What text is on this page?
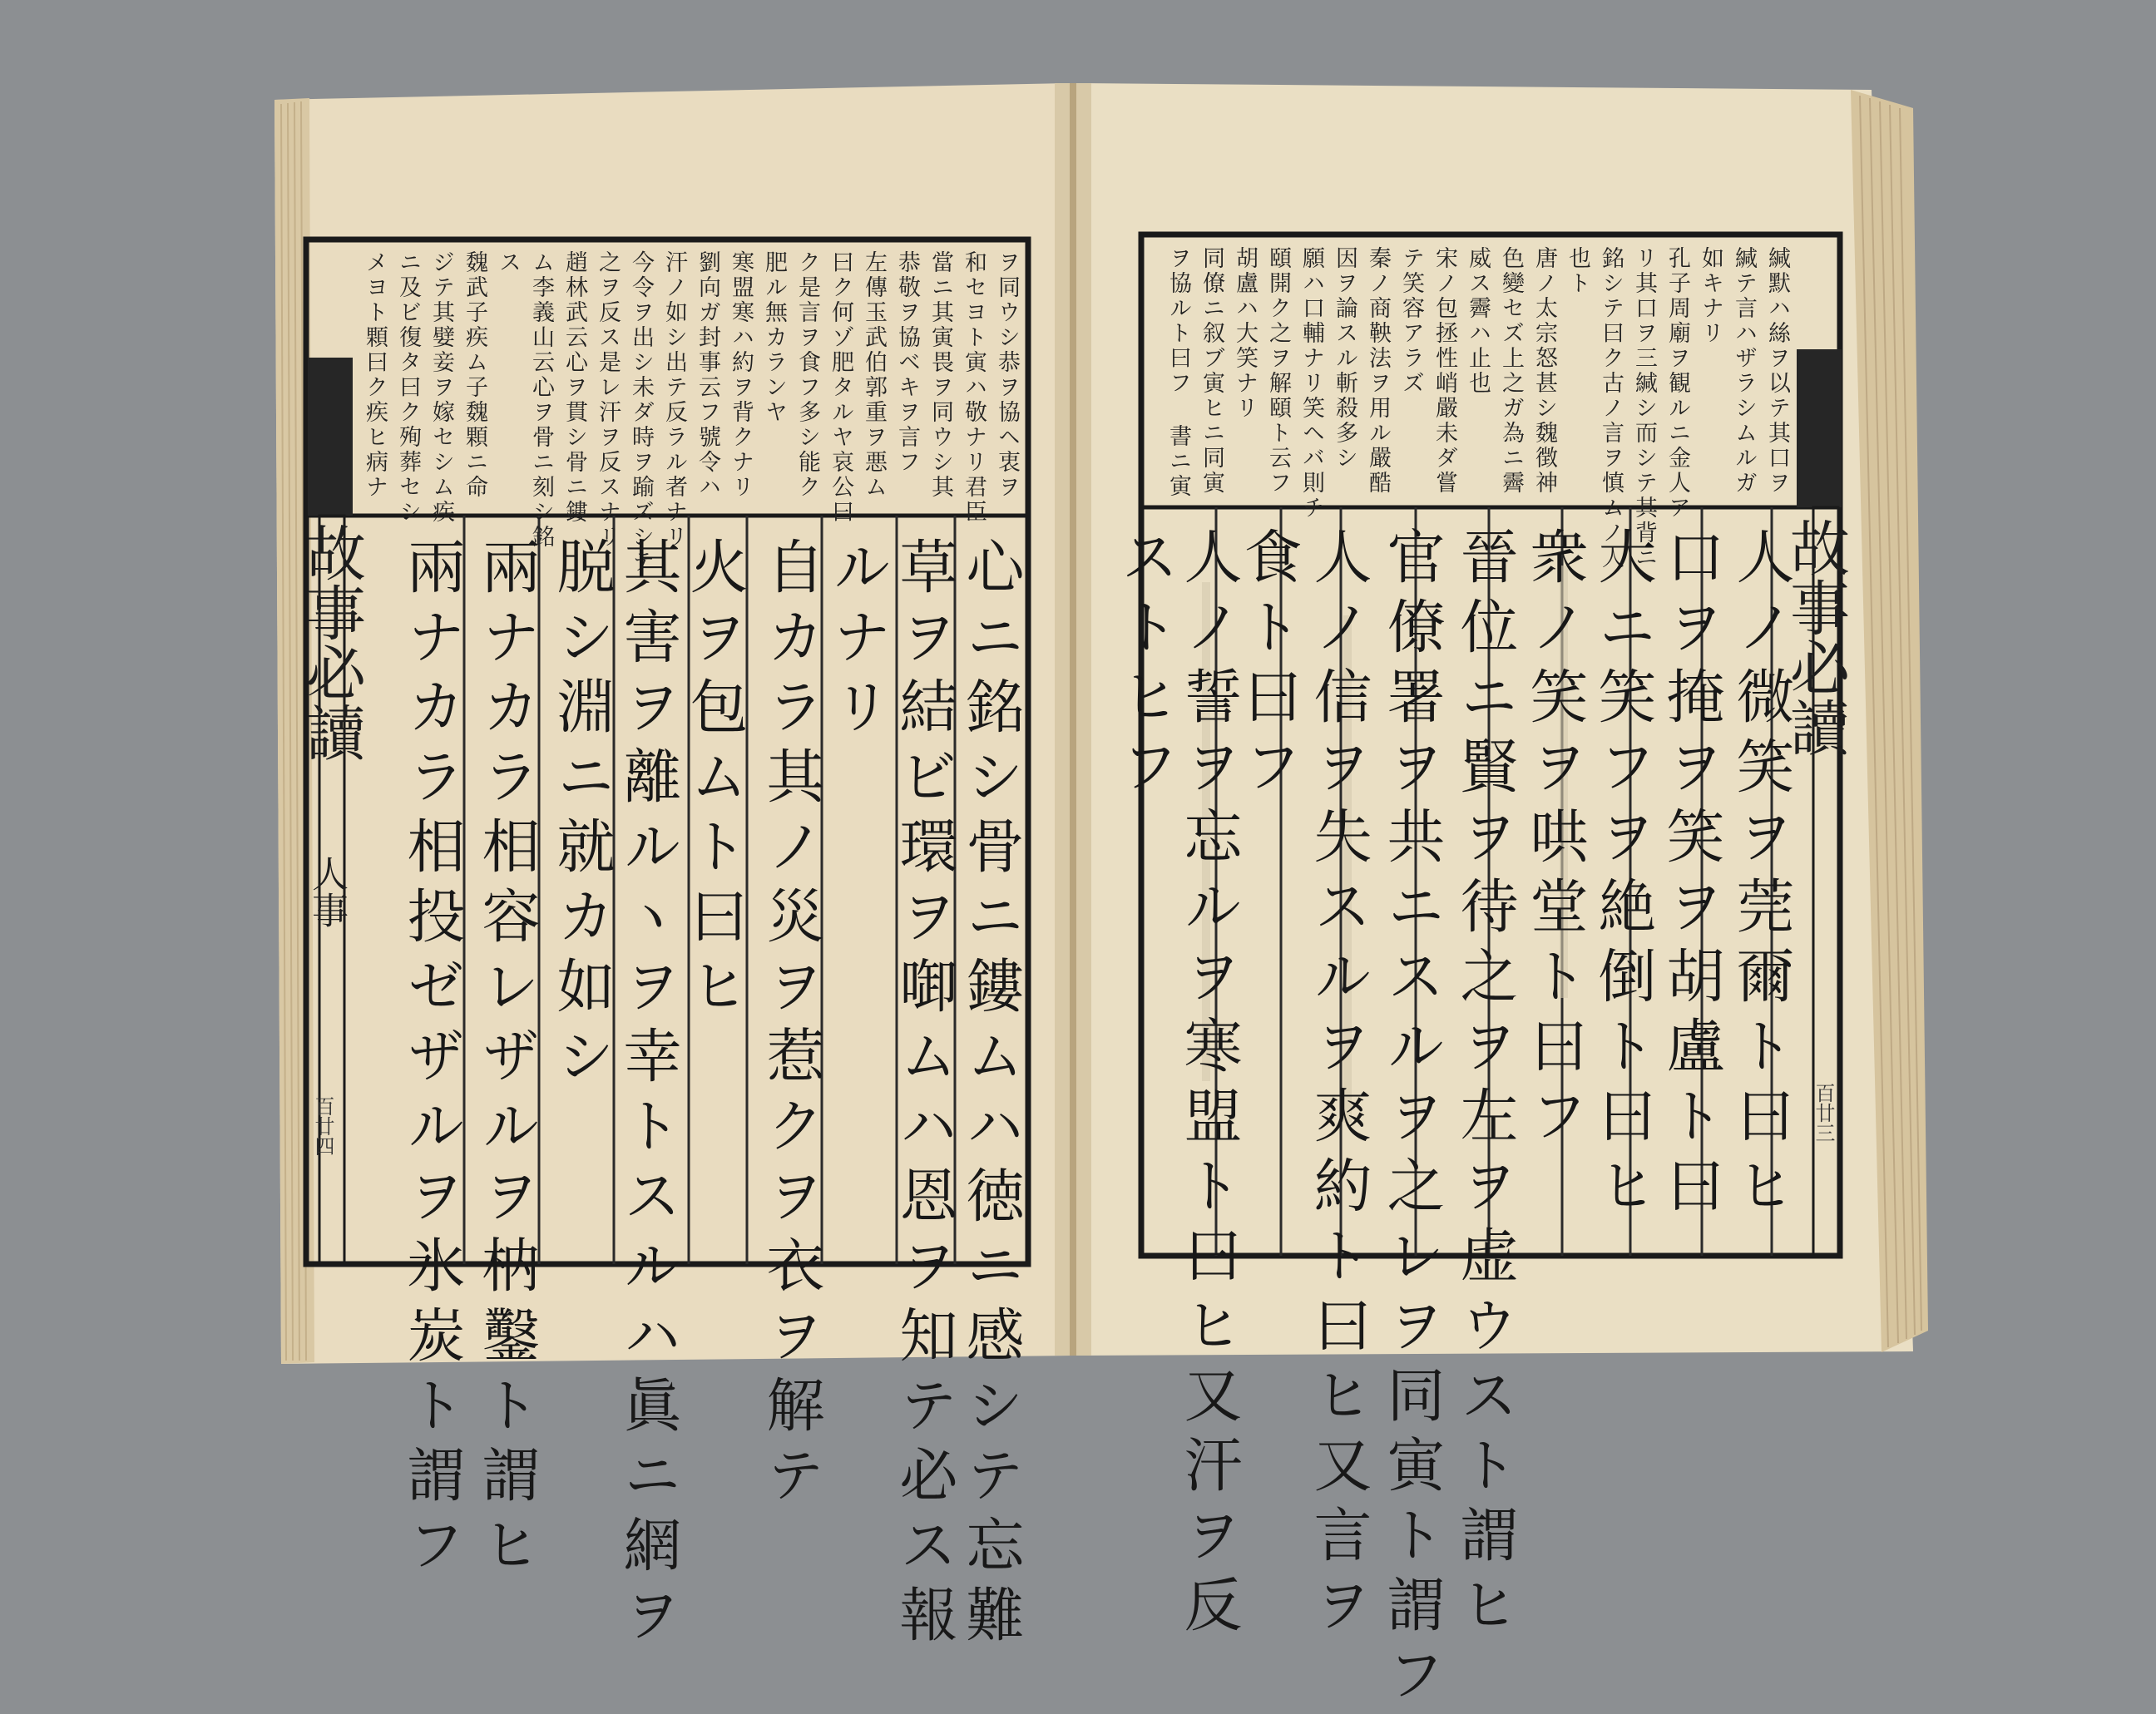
故事必讀
人事
百廿四
ヲ同ウシ恭ヲ協ヘ衷ヲ
和セヨト寅ハ敬ナリ君臣
當ニ其寅畏ヲ同ウシ其
恭敬ヲ協ベキヲ言フ
左傳玉武伯郭重ヲ悪ム
曰ク何ゾ肥タルヤ哀公曰
ク是言ヲ食フ多シ能ク
肥ル無カランヤ
寒盟寒ハ約ヲ背クナリ
劉向ガ封事云フ號令ハ
汗ノ如シ出テ反ラル者ナリ
今令ヲ出シ未ダ時ヲ踰ズシテ
之ヲ反ス是レ汗ヲ反スナリ
趙林武云心ヲ貫シ骨ニ鏤
ム李義山云心ヲ骨ニ刻シ銘
ス
魏武子疾ム子魏顆ニ命
ジテ其嬖妾ヲ嫁セシム疾
ニ及ビ復タ曰ク殉葬セシ
メヨト顆曰ク疾ヒ病ナ
心ニ銘シ骨ニ鏤ムハ徳ニ感シテ忘難
草ヲ結ビ環ヲ啣ムハ恩ヲ知テ必ス報
ルナリ
自カラ其ノ災ヲ惹クヲ衣ヲ解テ
火ヲ包ムト曰ヒ
其害ヲ離ルヽヲ幸トスルハ眞ニ網ヲ
脱シ淵ニ就カ如シ
兩ナカラ相容レザルヲ枘鑿ト謂ヒ
兩ナカラ相投ゼザルヲ氷炭ト謂フ	故事必讀
百廿三
緘默ハ絲ヲ以テ其口ヲ
緘テ言ハザラシムルガ
如キナリ
孔子周廟ヲ観ルニ金人ア
リ其口ヲ三緘シ而シテ其背ニ
銘シテ曰ク古ノ言ヲ慎ムノ人
也ト
唐ノ太宗怒甚シ魏徴神
色變セズ上之ガ為ニ霽
威ス霽ハ止也
宋ノ包拯性峭嚴未ダ嘗
テ笑容アラズ
秦ノ商鞅法ヲ用ル嚴酷
因ヲ論スル斬殺多シ
願ハ口輔ナリ笑ヘバ則チ
頤開ク之ヲ解頤ト云フ
胡盧ハ大笑ナリ
同僚ニ叙ブ寅ヒニ同寅
ヲ協ルト曰フ 書ニ寅
人ノ微笑ヲ莞爾ト曰ヒ
口ヲ掩ヲ笑ヲ胡盧ト曰
大ニ笑フヲ絶倒ト曰ヒ
衆ノ笑ヲ哄堂ト曰フ
晉位ニ賢ヲ待之ヲ左ヲ虚ウスト謂ヒ
官僚署ヲ共ニスルヲ之レヲ同寅ト謂フ
人ノ信ヲ失スルヲ爽約ト曰ヒ又言ヲ
食ト曰フ
人ノ誓ヲ忘ルヲ寒盟ト曰ヒ又汗ヲ反
ストヒフ
